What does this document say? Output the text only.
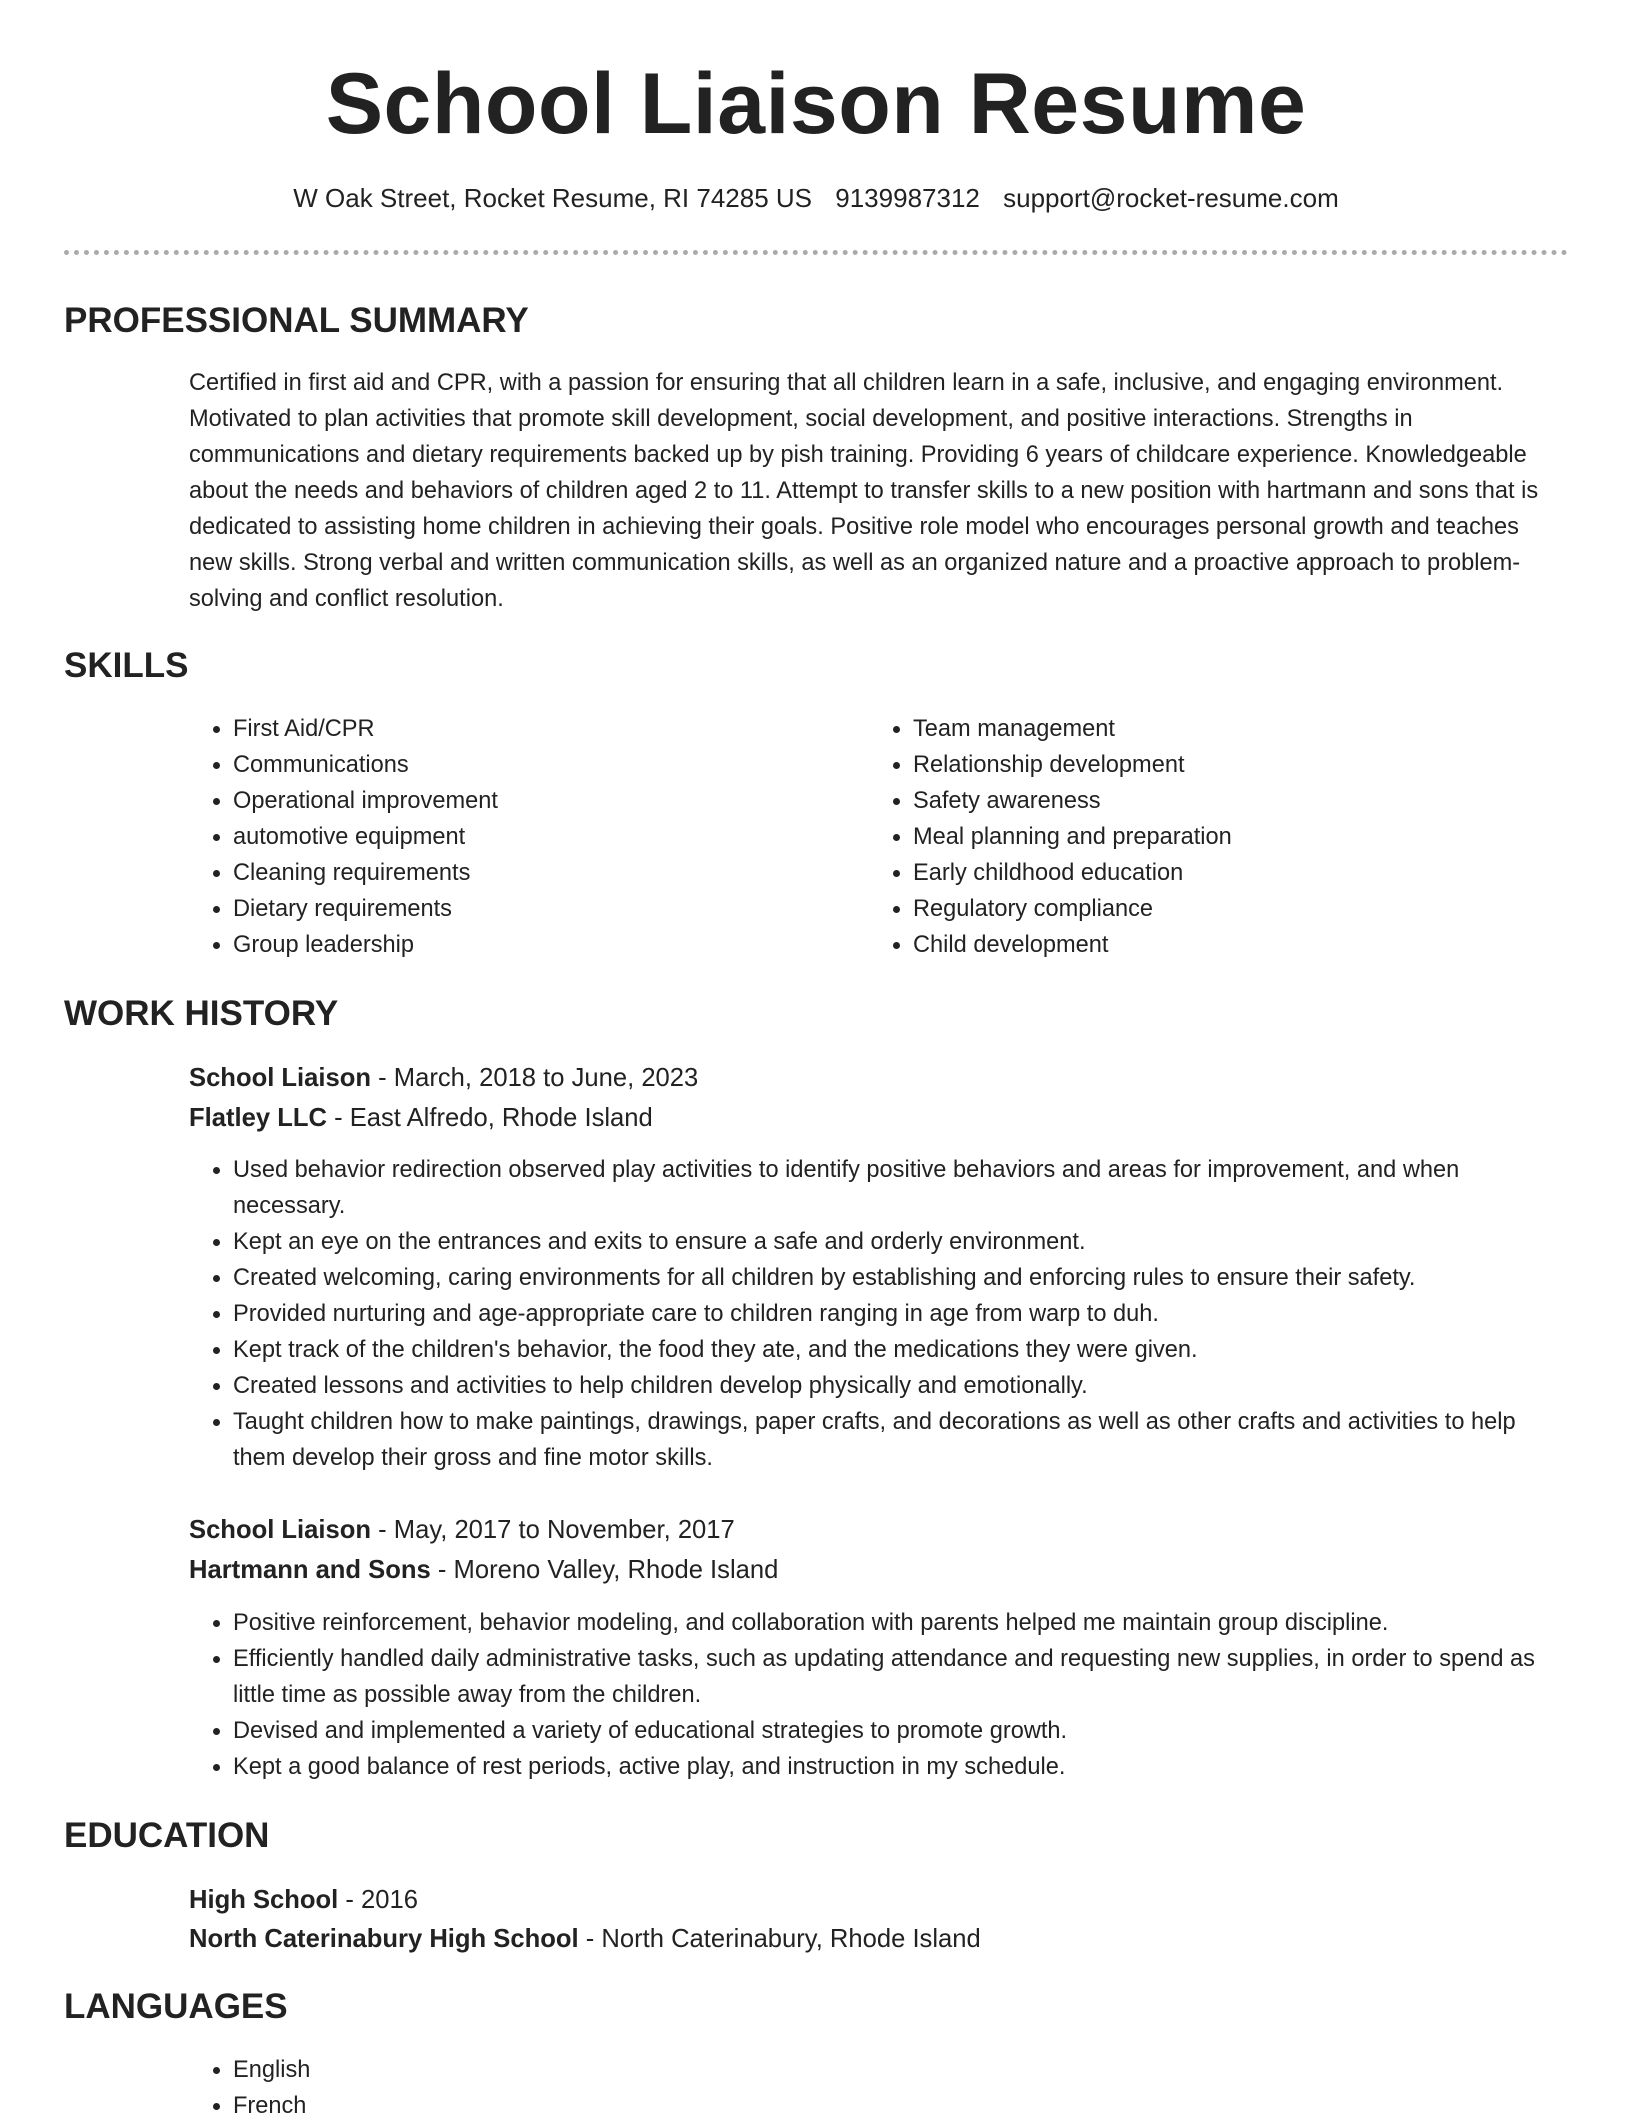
School Liaison Resume
W Oak Street, Rocket Resume, RI 74285 US 9139987312 support@rocket-resume.com
PROFESSIONAL SUMMARY

Certified in first aid and CPR, with a passion for ensuring that all children learn in a safe, inclusive, and engaging environment. Motivated to plan activities that promote skill development, social development, and positive interactions. Strengths in communications and dietary requirements backed up by pish training. Providing 6 years of childcare experience. Knowledgeable about the needs and behaviors of children aged 2 to 11. Attempt to transfer skills to a new position with hartmann and sons that is dedicated to assisting home children in achieving their goals. Positive role model who encourages personal growth and teaches new skills. Strong verbal and written communication skills, as well as an organized nature and a proactive approach to problem-solving and conflict resolution.

SKILLS
• First Aid/CPR
• Communications
• Operational improvement
• automotive equipment
• Cleaning requirements
• Dietary requirements
• Group leadership
• Team management
• Relationship development
• Safety awareness
• Meal planning and preparation
• Early childhood education
• Regulatory compliance
• Child development
WORK HISTORY
School Liaison - March, 2018 to June, 2023
Flatley LLC - East Alfredo, Rhode Island
• Used behavior redirection observed play activities to identify positive behaviors and areas for improvement, and when necessary.
• Kept an eye on the entrances and exits to ensure a safe and orderly environment.
• Created welcoming, caring environments for all children by establishing and enforcing rules to ensure their safety.
• Provided nurturing and age-appropriate care to children ranging in age from warp to duh.
• Kept track of the children's behavior, the food they ate, and the medications they were given.
• Created lessons and activities to help children develop physically and emotionally.
• Taught children how to make paintings, drawings, paper crafts, and decorations as well as other crafts and activities to help them develop their gross and fine motor skills.
School Liaison - May, 2017 to November, 2017
Hartmann and Sons - Moreno Valley, Rhode Island
• Positive reinforcement, behavior modeling, and collaboration with parents helped me maintain group discipline.
• Efficiently handled daily administrative tasks, such as updating attendance and requesting new supplies, in order to spend as little time as possible away from the children.
• Devised and implemented a variety of educational strategies to promote growth.
• Kept a good balance of rest periods, active play, and instruction in my schedule.
EDUCATION
High School - 2016
North Caterinabury High School - North Caterinabury, Rhode Island
LANGUAGES
• English
• French
